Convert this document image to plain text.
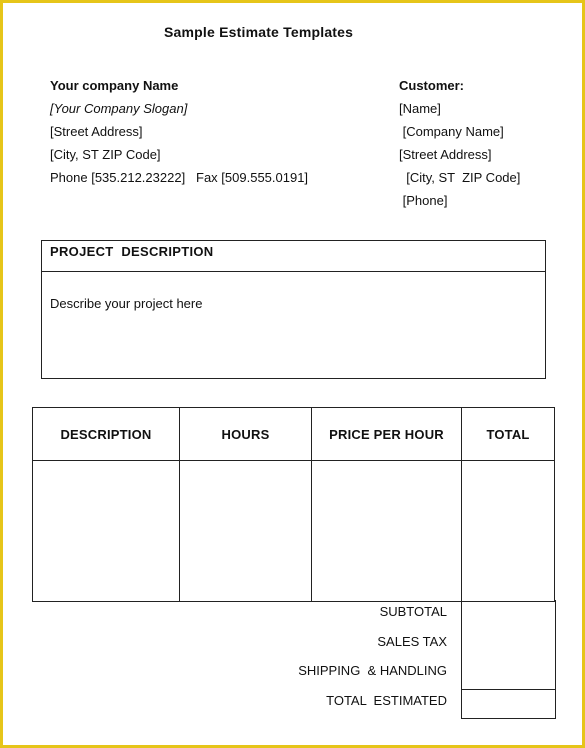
Sample Estimate Templates
Your company Name
[Your Company Slogan]
[Street Address]
[City, ST ZIP Code]
Phone [535.212.23222]   Fax [509.555.0191]
Customer:
[Name]
[Company Name]
[Street Address]
[City, ST  ZIP Code]
[Phone]
PROJECT  DESCRIPTION
Describe your project here
DESCRIPTION	HOURS	PRICE PER HOUR	TOTAL

SUBTOTAL
SALES TAX
SHIPPING  & HANDLING
TOTAL  ESTIMATED
